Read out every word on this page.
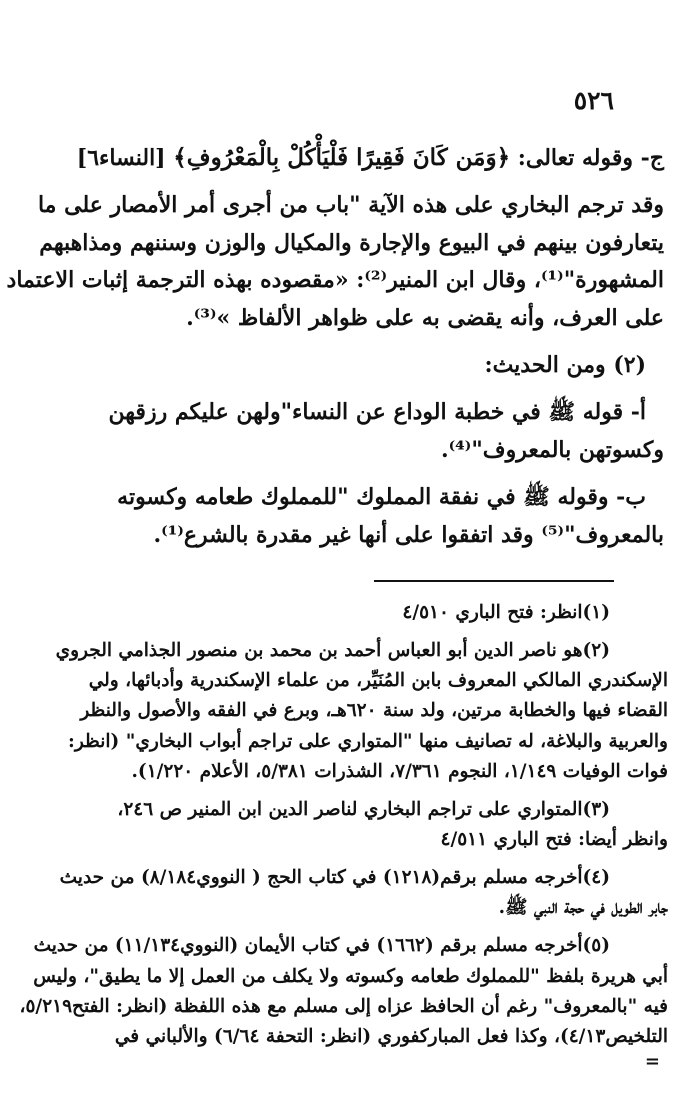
٥٢٦

ج- وقوله تعالى: ﴿وَمَن كَانَ فَقِيرًا فَلْيَأْكُلْ بِالْمَعْرُوفِ﴾ [النساء٦]

وقد ترجم البخاري على هذه الآية "باب من أجرى أمر الأمصار على ما
يتعارفون بينهم في البيوع والإجارة والمكيال والوزن وسننهم ومذاهبهم
المشهورة"⁽¹⁾، وقال ابن المنير⁽²⁾: «مقصوده بهذه الترجمة إثبات الاعتماد
على العرف، وأنه يقضى به على ظواهر الألفاظ »⁽³⁾.

(٢) ومن الحديث:

أ- قوله ﷺ في خطبة الوداع عن النساء"ولهن عليكم رزقهن
وكسوتهن بالمعروف"⁽⁴⁾.

ب- وقوله ﷺ في نفقة المملوك "للمملوك طعامه وكسوته
بالمعروف"⁽⁵⁾ وقد اتفقوا على أنها غير مقدرة بالشرع⁽¹⁾.

(١)انظر: فتح الباري ٤/٥١٠
(٢)هو ناصر الدين أبو العباس أحمد بن محمد بن منصور الجذامي الجروي
الإسكندري المالكي المعروف بابن المُنَيِّر، من علماء الإسكندرية وأدبائها، ولي
القضاء فيها والخطابة مرتين، ولد سنة ٦٢٠هـ، وبرع في الفقه والأصول والنظر
والعربية والبلاغة، له تصانيف منها "المتواري على تراجم أبواب البخاري" (انظر:
فوات الوفيات ١/١٤٩، النجوم ٧/٣٦١، الشذرات ٥/٣٨١، الأعلام ١/٢٢٠).
(٣)المتواري على تراجم البخاري لناصر الدين ابن المنير ص ٢٤٦،
وانظر أيضا: فتح الباري ٤/٥١١
(٤)أخرجه مسلم برقم(١٢١٨) في كتاب الحج ( النووي٨/١٨٤) من حديث
جابر الطويل في حجة النبي ﷺ.
(٥)أخرجه مسلم برقم (١٦٦٢) في كتاب الأيمان (النووي١١/١٣٤) من حديث
أبي هريرة بلفظ "للمملوك طعامه وكسوته ولا يكلف من العمل إلا ما يطيق"، وليس
فيه "بالمعروف" رغم أن الحافظ عزاه إلى مسلم مع هذه اللفظة (انظر: الفتح٥/٢١٩،
التلخيص٤/١٣)، وكذا فعل المباركفوري (انظر: التحفة ٦/٦٤) والألباني في
=
